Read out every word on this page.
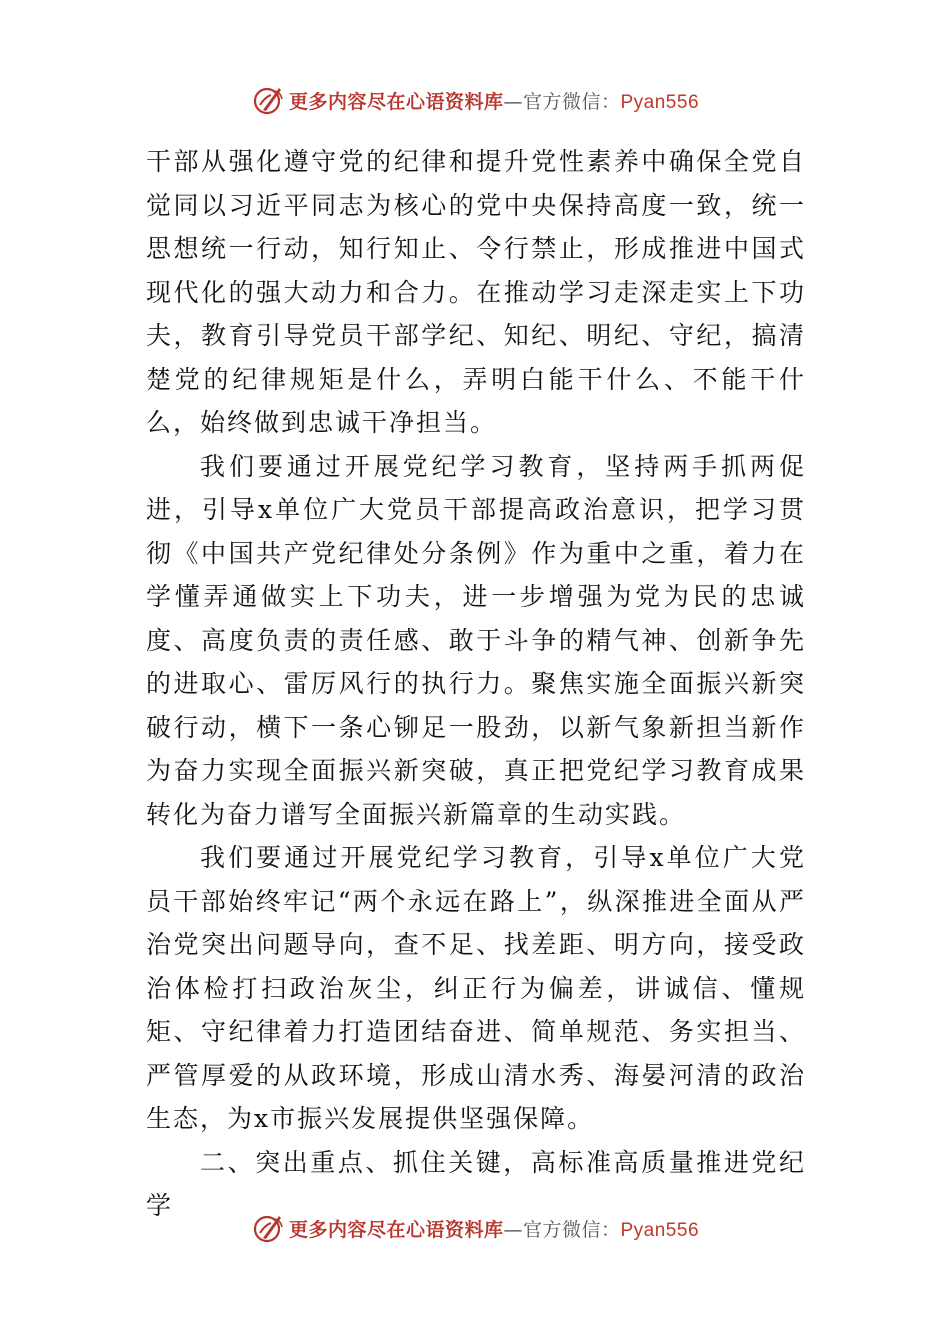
更多内容尽在心语资料库—官方微信：Pyan556

干部从强化遵守党的纪律和提升党性素养中确保全党自觉同以习近平同志为核心的党中央保持高度一致，统一思想统一行动，知行知止、令行禁止，形成推进中国式现代化的强大动力和合力。在推动学习走深走实上下功夫，教育引导党员干部学纪、知纪、明纪、守纪，搞清楚党的纪律规矩是什么，弄明白能干什么、不能干什么，始终做到忠诚干净担当。

我们要通过开展党纪学习教育，坚持两手抓两促进，引导x单位广大党员干部提高政治意识，把学习贯彻《中国共产党纪律处分条例》作为重中之重，着力在学懂弄通做实上下功夫，进一步增强为党为民的忠诚度、高度负责的责任感、敢于斗争的精气神、创新争先的进取心、雷厉风行的执行力。聚焦实施全面振兴新突破行动，横下一条心铆足一股劲，以新气象新担当新作为奋力实现全面振兴新突破，真正把党纪学习教育成果转化为奋力谱写全面振兴新篇章的生动实践。

我们要通过开展党纪学习教育，引导x单位广大党员干部始终牢记“两个永远在路上”，纵深推进全面从严治党突出问题导向，查不足、找差距、明方向，接受政治体检打扫政治灰尘，纠正行为偏差，讲诚信、懂规矩、守纪律着力打造团结奋进、简单规范、务实担当、严管厚爱的从政环境，形成山清水秀、海晏河清的政治生态，为x市振兴发展提供坚强保障。

二、突出重点、抓住关键，高标准高质量推进党纪学

更多内容尽在心语资料库—官方微信：Pyan556
